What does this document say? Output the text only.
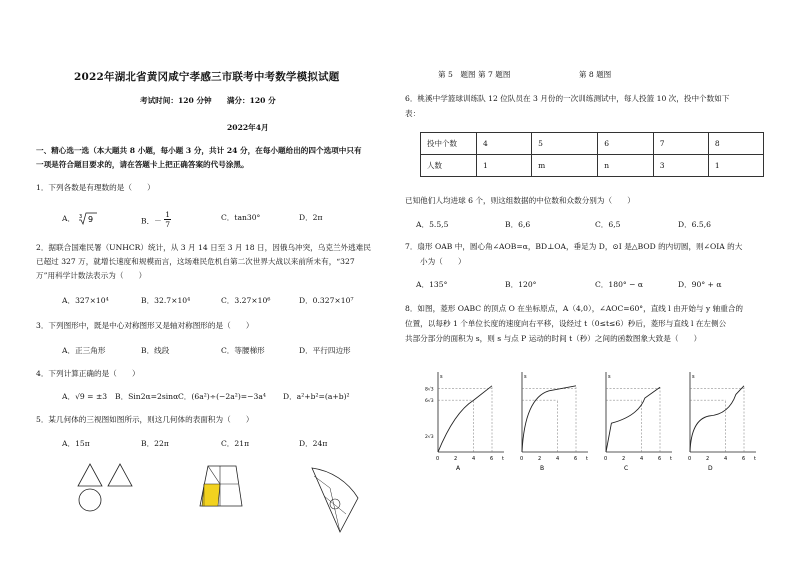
2022年湖北省黄冈咸宁孝感三市联考中考数学模拟试题
考试时间：120 分钟　　满分：120 分
2022年4月
一、精心选一选（本大题共 8 小题，每小题 3 分，共计 24 分，在每小题给出的四个选项中只有
一项是符合题目要求的，请在答题卡上把正确答案的代号涂黑。
1．下列各数是有理数的是（　　）
A． 3 9	B．－ $\frac{1}{7}$	C．tan30°	D．2π
2．据联合国难民署（UNHCR）统计，从 3 月 14 日至 3 月 18 日，因俄乌冲突，乌克兰外逃难民
已超过 327 万，就增长速度和规模而言，这场难民危机自第二次世界大战以来前所未有，“327
万”用科学计数法表示为（　　）
A．327×10⁴	B．32.7×10⁴	C．3.27×10⁶	D．0.327×10⁷
3．下列图形中，既是中心对称图形又是轴对称图形的是（　　）
A．正三角形	B．线段	C．等腰梯形	D．平行四边形
4．下列计算正确的是（　　）
A．√9 = ±3 B．Sin2α=2sinα C．(6a²)÷(−2a²)=−3a⁴ D．a²+b²=(a+b)²
5．某几何体的三视图如图所示，则这几何体的表面积为（　　）
A．15π	B．22π	C．21π	D．24π
第 5　题图 第 7 题图　　　　　　　　　第 8 题图
6．桃溪中学篮球训练队 12 位队员在 3 月份的一次训练测试中，每人投篮 10 次，投中个数如下
表：
投中个数	4	5	6	7	8
人数	1	m	n	3	1
已知他们人均进球 6 个，则这组数据的中位数和众数分别为（　　）
A．5.5,5	B．6,6	C．6,5	D．6.5,6
7．扇形 OAB 中，圆心角∠AOB=α，BD⊥OA，垂足为 D，⊙I 是△BOD 的内切圆，则∠OIA 的大
小为（　　）
A．135°	B．120°	C．180° − α	D．90° + α
8．如图，菱形 OABC 的顶点 O 在坐标原点，A（4,0），∠AOC=60°，直线 l 由开始与 y 轴重合的
位置，以每秒 1 个单位长度的速度向右平移，设经过 t（0≤t≤6）秒后，菱形与直线 l 在左侧公
共部分部分的面积为 s，则 s 与点 P 运动的时间 t（秒）之间的函数图象大致是（　　）
s
t
0	2	4	6
8√3
6√3
2√3
A
s
t
0	2	4	6
B
s
t
0	2	4	6
C
s
t
0	2	4	6
D
